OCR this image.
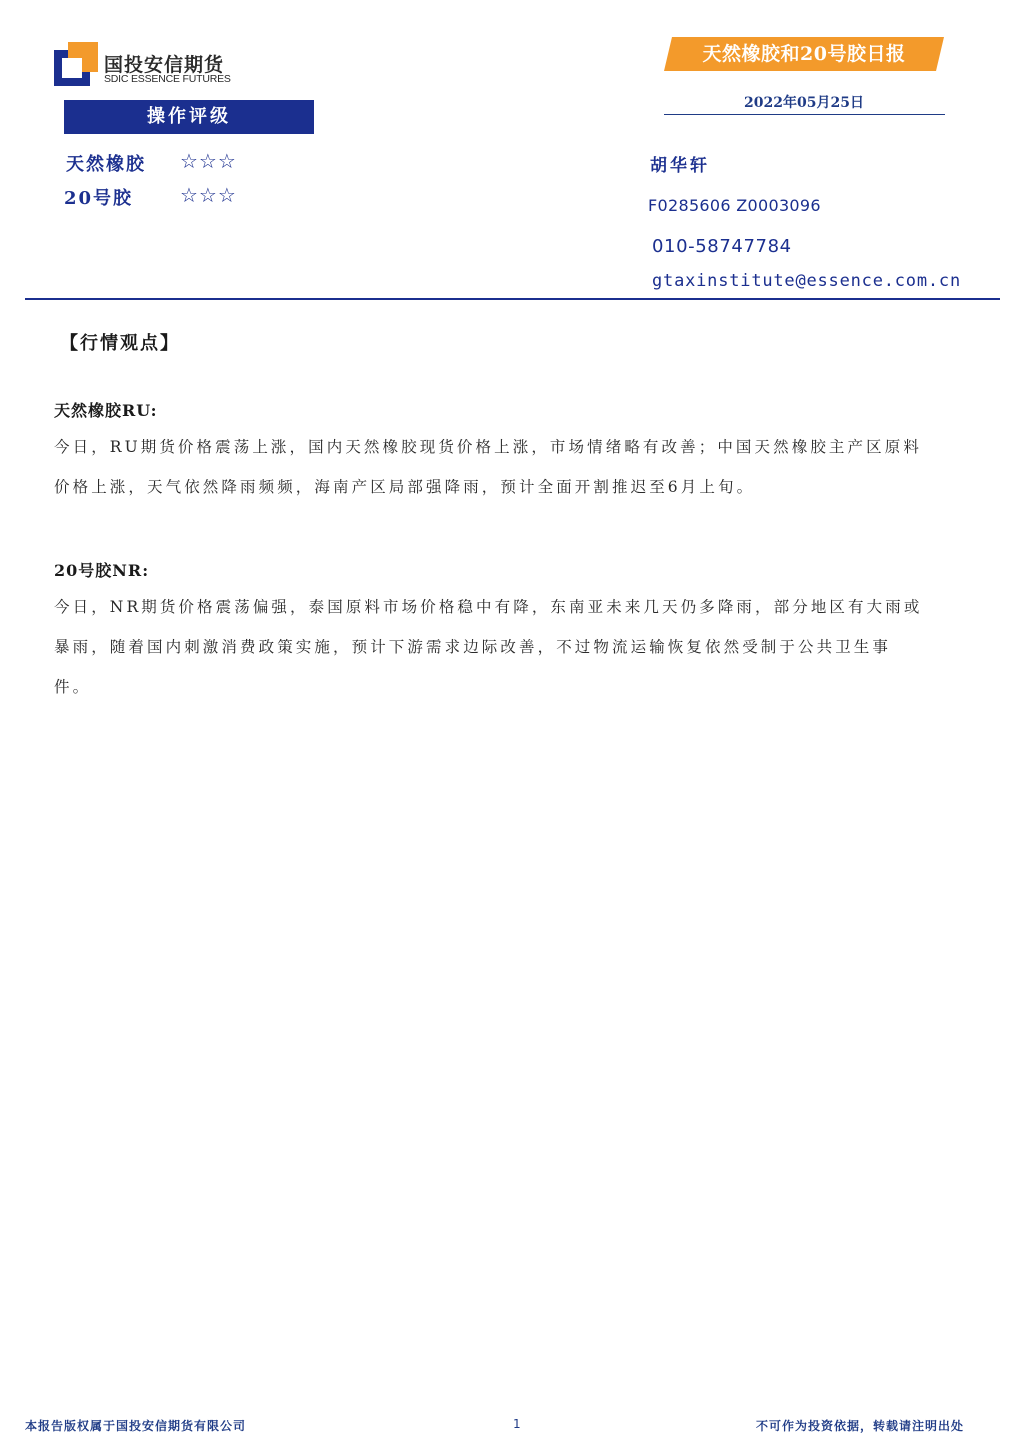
国投安信期货
SDIC ESSENCE FUTURES
天然橡胶和20号胶日报
2022年05月25日
操作评级
天然橡胶 ☆☆☆
20号胶 ☆☆☆
胡华轩
F0285606 Z0003096
010-58747784
gtaxinstitute@essence.com.cn
【行情观点】
天然橡胶RU:
今日，RU期货价格震荡上涨，国内天然橡胶现货价格上涨，市场情绪略有改善；中国天然橡胶主产区原料
价格上涨，天气依然降雨频频，海南产区局部强降雨，预计全面开割推迟至6月上旬。
20号胶NR:
今日，NR期货价格震荡偏强，泰国原料市场价格稳中有降，东南亚未来几天仍多降雨，部分地区有大雨或
暴雨，随着国内刺激消费政策实施，预计下游需求边际改善，不过物流运输恢复依然受制于公共卫生事
件。
本报告版权属于国投安信期货有限公司	1	不可作为投资依据，转载请注明出处
